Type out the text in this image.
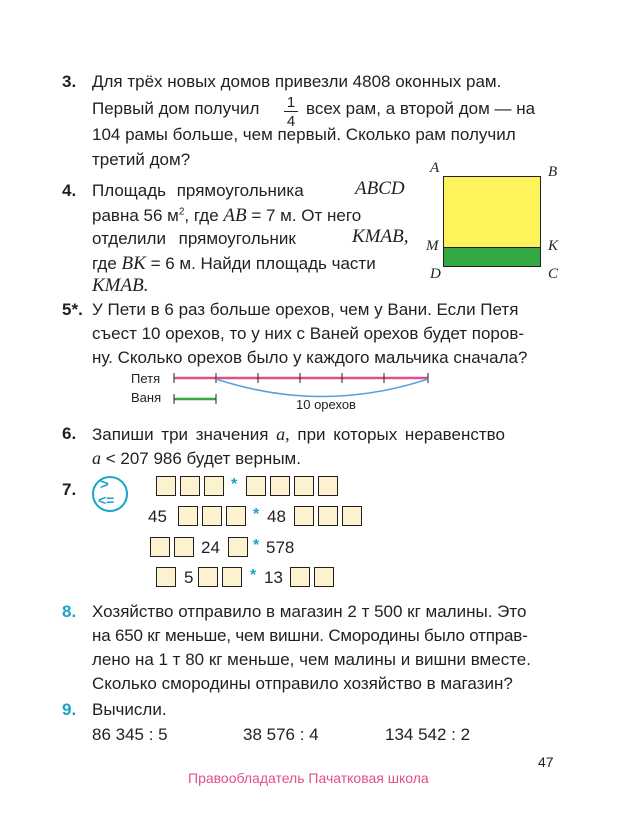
3. Для трёх новых домов привезли 4808 оконных рам.
Первый дом получил 1
4
всех рам, а второй дом — на
104 рамы больше, чем первый. Сколько рам получил
третий дом?
4. Площадь прямоугольника	ABCD
равна 56 $м^2$, где AB = 7 м. От него
отделили прямоугольник	KMAB,
где BK = 6 м. Найди площадь части
KMAB.
A	B
M	K
D	C
5*. У Пети в 6 раз больше орехов, чем у Вани. Если Петя
съест 10 орехов, то у них с Ваней орехов будет поров-
ну. Сколько орехов было у каждого мальчика сначала?
Петя
Ваня	10 орехов
6. Запиши три значения a, при которых неравенство
a < 207 986 будет верным.
7. >
<=
*
45	* 48
24 * 578
5	* 13
8. Хозяйство отправило в магазин 2 т 500 кг малины. Это
на 650 кг меньше, чем вишни. Смородины было отправ-
лено на 1 т 80 кг меньше, чем малины и вишни вместе.
Сколько смородины отправило хозяйство в магазин?
9. Вычисли.
86 345 : 5	38 576 : 4	134 542 : 2
47
Правообладатель Пачатковая школа
